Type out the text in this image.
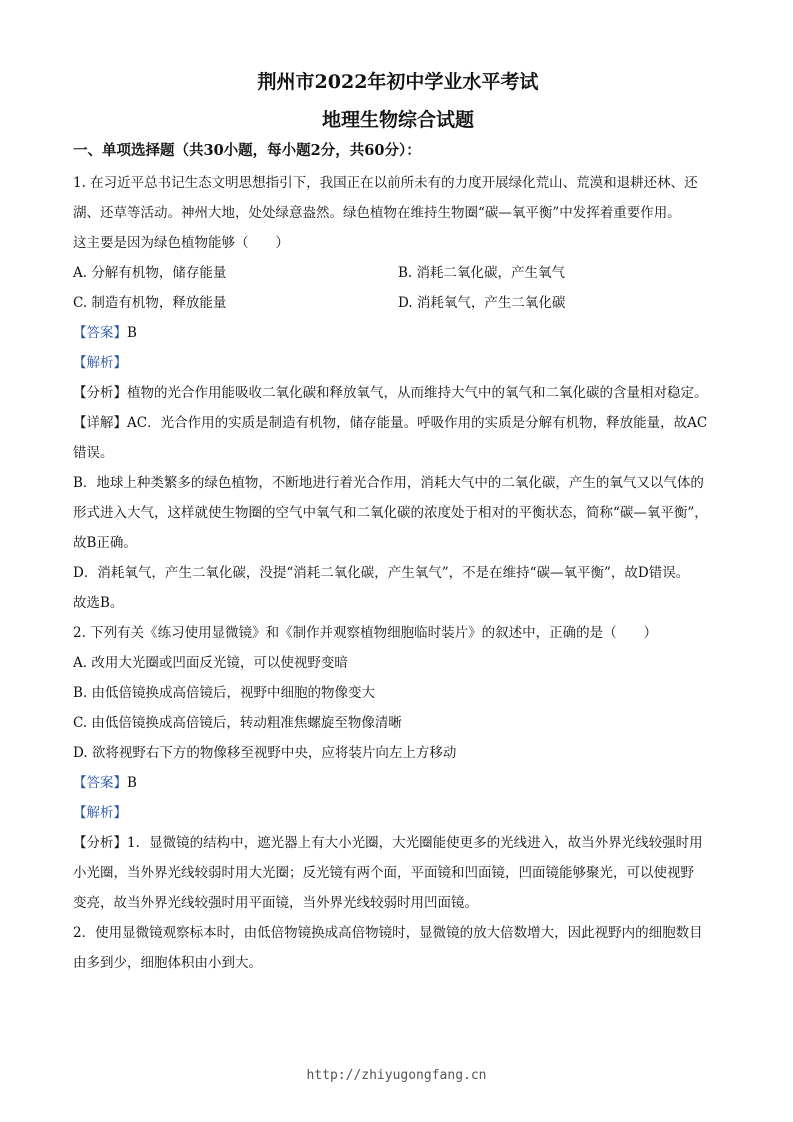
荆州市2022年初中学业水平考试

地理生物综合试题

一、单项选择题（共30小题，每小题2分，共60分）：

1. 在习近平总书记生态文明思想指引下，我国正在以前所未有的力度开展绿化荒山、荒漠和退耕还林、还

湖、还草等活动。神州大地，处处绿意盎然。绿色植物在维持生物圈“碳—氧平衡”中发挥着重要作用。

这主要是因为绿色植物能够（　　）

A. 分解有机物，储存能量	B. 消耗二氧化碳，产生氧气
C. 制造有机物，释放能量	D. 消耗氧气，产生二氧化碳

【答案】B

【解析】

【分析】植物的光合作用能吸收二氧化碳和释放氧气，从而维持大气中的氧气和二氧化碳的含量相对稳定。

【详解】AC．光合作用的实质是制造有机物，储存能量。呼吸作用的实质是分解有机物，释放能量，故AC

错误。

B．地球上种类繁多的绿色植物，不断地进行着光合作用，消耗大气中的二氧化碳，产生的氧气又以气体的

形式进入大气，这样就使生物圈的空气中氧气和二氧化碳的浓度处于相对的平衡状态，简称“碳—氧平衡”，

故B正确。

D．消耗氧气，产生二氧化碳，没提“消耗二氧化碳，产生氧气”，不是在维持“碳—氧平衡”，故D错误。

故选B。

2. 下列有关《练习使用显微镜》和《制作并观察植物细胞临时装片》的叙述中，正确的是（　　）

A. 改用大光圈或凹面反光镜，可以使视野变暗

B. 由低倍镜换成高倍镜后，视野中细胞的物像变大

C. 由低倍镜换成高倍镜后，转动粗准焦螺旋至物像清晰

D. 欲将视野右下方的物像移至视野中央，应将装片向左上方移动

【答案】B

【解析】

【分析】1．显微镜的结构中，遮光器上有大小光圈，大光圈能使更多的光线进入，故当外界光线较强时用

小光圈，当外界光线较弱时用大光圈；反光镜有两个面，平面镜和凹面镜，凹面镜能够聚光，可以使视野

变亮，故当外界光线较强时用平面镜，当外界光线较弱时用凹面镜。

2．使用显微镜观察标本时，由低倍物镜换成高倍物镜时，显微镜的放大倍数增大，因此视野内的细胞数目

由多到少，细胞体积由小到大。

http://zhiyugongfang.cn
